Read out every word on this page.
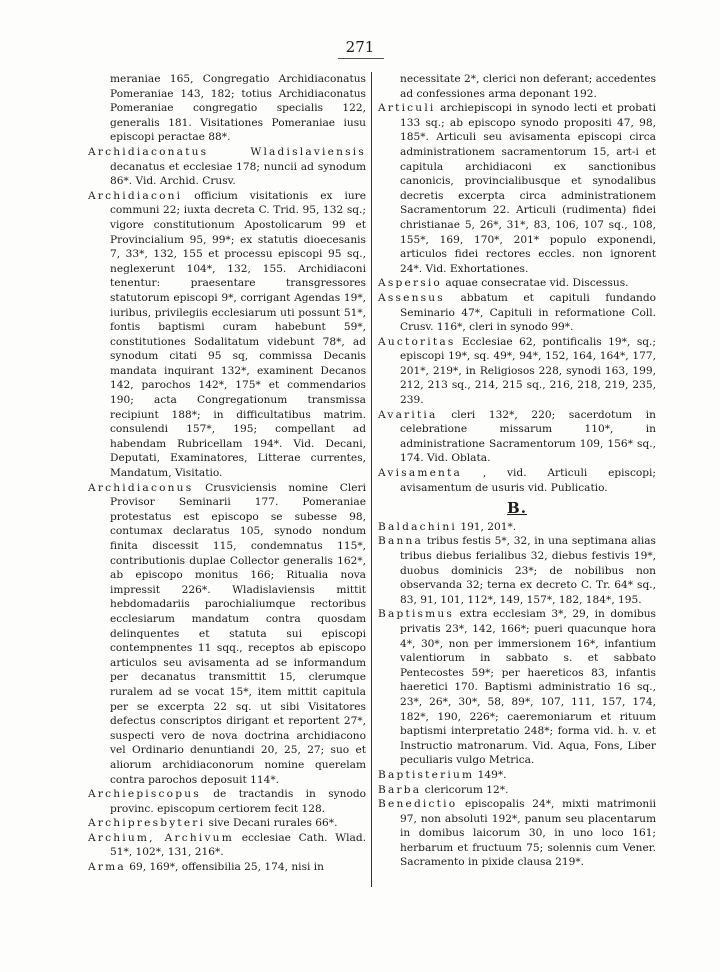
271

meraniae 165, Congregatio Archidiaconatus Pomeraniae 143, 182; totius Archidiaconatus Pomeraniae congregatio specialis 122, generalis 181. Visitationes Pomeraniae iusu episcopi peractae 88*.

Archidiaconatus Wladislaviensis decanatus et ecclesiae 178; nuncii ad synodum 86*. Vid. Archid. Crusv.

Archidiaconi officium visitationis ex iure communi 22; iuxta decreta C. Trid. 95, 132 sq.; vigore constitutionum Apostolicarum 99 et Provincialium 95, 99*; ex statutis dioecesanis 7, 33*, 132, 155 et processu episcopi 95 sq., neglexerunt 104*, 132, 155. Archidiaconi tenentur: praesentare transgressores statutorum episcopi 9*, corrigant Agendas 19*, iuribus, privilegiis ecclesiarum uti possunt 51*, fontis baptismi curam habebunt 59*, constitutiones Sodalitatum videbunt 78*, ad synodum citati 95 sq, commissa Decanis mandata inquirant 132*, examinent Decanos 142, parochos 142*, 175* et commendarios 190; acta Congregationum transmissa recipiunt 188*; in difficultatibus matrim. consulendi 157*, 195; compellant ad habendam Rubricellam 194*. Vid. Decani, Deputati, Examinatores, Litterae currentes, Mandatum, Visitatio.

Archidiaconus Crusviciensis nomine Cleri Provisor Seminarii 177. Pomeraniae protestatus est episcopo se subesse 98, contumax declaratus 105, synodo nondum finita discessit 115, condemnatus 115*, contributionis duplae Collector generalis 162*, ab episcopo monitus 166; Ritualia nova impressit 226*. Wladislaviensis mittit hebdomadariis parochialiumque rectoribus ecclesiarum mandatum contra quosdam delinquentes et statuta sui episcopi contempnentes 11 sqq., receptos ab episcopo articulos seu avisamenta ad se informandum per decanatus transmittit 15, clerumque ruralem ad se vocat 15*, item mittit capitula per se excerpta 22 sq. ut sibi Visitatores defectus conscriptos dirigant et reportent 27*, suspecti vero de nova doctrina archidiacono vel Ordinario denuntiandi 20, 25, 27; suo et aliorum archidiaconorum nomine querelam contra parochos deposuit 114*.

Archiepiscopus de tractandis in synodo provinc. episcopum certiorem fecit 128.

Archipresbyteri sive Decani rurales 66*.

Archium, Archivum ecclesiae Cath. Wlad. 51*, 102*, 131, 216*.

Arma 69, 169*, offensibilia 25, 174, nisi in

necessitate 2*, clerici non deferant; accedentes ad confessiones arma deponant 192.

Articuli archiepiscopi in synodo lecti et probati 133 sq.; ab episcopo synodo propositi 47, 98, 185*. Articuli seu avisamenta episcopi circa administrationem sacramentorum 15, art-i et capitula archidiaconi ex sanctionibus canonicis, provincialibusque et synodalibus decretis excerpta circa administrationem Sacramentorum 22. Articuli (rudimenta) fidei christianae 5, 26*, 31*, 83, 106, 107 sq., 108, 155*, 169, 170*, 201* populo exponendi, articulos fidei rectores eccles. non ignorent 24*. Vid. Exhortationes.

Aspersio aquae consecratae vid. Discessus.

Assensus abbatum et capituli fundando Seminario 47*, Capituli in reformatione Coll. Crusv. 116*, cleri in synodo 99*.

Auctoritas Ecclesiae 62, pontificalis 19*, sq.; episcopi 19*, sq. 49*, 94*, 152, 164, 164*, 177, 201*, 219*, in Religiosos 228, synodi 163, 199, 212, 213 sq., 214, 215 sq., 216, 218, 219, 235, 239.

Avaritia cleri 132*, 220; sacerdotum in celebratione missarum 110*, in administratione Sacramentorum 109, 156* sq., 174. Vid. Oblata.

Avisamenta , vid. Articuli episcopi; avisamentum de usuris vid. Publicatio.

B.

Baldachini 191, 201*.

Banna tribus festis 5*, 32, in una septimana alias tribus diebus ferialibus 32, diebus festivis 19*, duobus dominicis 23*; de nobilibus non observanda 32; terna ex decreto C. Tr. 64* sq., 83, 91, 101, 112*, 149, 157*, 182, 184*, 195.

Baptismus extra ecclesiam 3*, 29, in domibus privatis 23*, 142, 166*; pueri quacunque hora 4*, 30*, non per immersionem 16*, infantium valentiorum in sabbato s. et sabbato Pentecostes 59*; per haereticos 83, infantis haeretici 170. Baptismi administratio 16 sq., 23*, 26*, 30*, 58, 89*, 107, 111, 157, 174, 182*, 190, 226*; caeremoniarum et rituum baptismi interpretatio 248*; forma vid. h. v. et Instructio matronarum. Vid. Aqua, Fons, Liber peculiaris vulgo Metrica.

Baptisterium 149*.

Barba clericorum 12*.

Benedictio episcopalis 24*, mixti matrimonii 97, non absoluti 192*, panum seu placentarum in domibus laicorum 30, in uno loco 161; herbarum et fructuum 75; solennis cum Vener. Sacramento in pixide clausa 219*.
